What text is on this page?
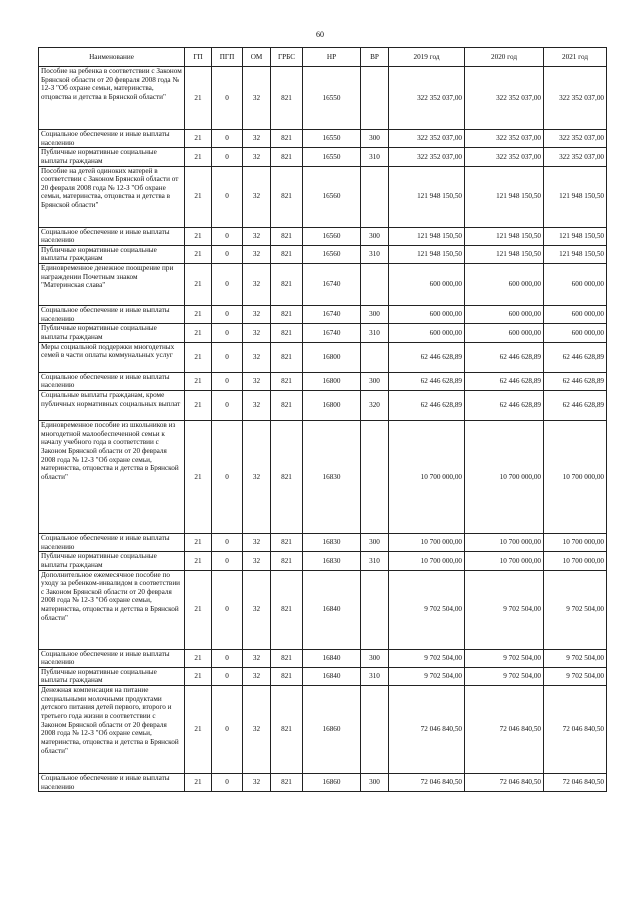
60
Наименование	ГП	ПГП	ОМ	ГРБС	НР	ВР	2019 год	2020 год	2021 год
Пособие на ребенка в соответствии с Законом Брянской области от 20 февраля 2008 года № 12-З "Об охране семьи, материнства, отцовства и детства в Брянской области"	21	0	32	821	16550		322 352 037,00	322 352 037,00	322 352 037,00
Социальное обеспечение и иные выплаты населению	21	0	32	821	16550	300	322 352 037,00	322 352 037,00	322 352 037,00
Публичные нормативные социальные выплаты гражданам	21	0	32	821	16550	310	322 352 037,00	322 352 037,00	322 352 037,00
Пособие на детей одиноких матерей в соответствии с Законом Брянской области от 20 февраля 2008 года № 12-З "Об охране семьи, материнства, отцовства и детства в Брянской области"	21	0	32	821	16560		121 948 150,50	121 948 150,50	121 948 150,50
Социальное обеспечение и иные выплаты населению	21	0	32	821	16560	300	121 948 150,50	121 948 150,50	121 948 150,50
Публичные нормативные социальные выплаты гражданам	21	0	32	821	16560	310	121 948 150,50	121 948 150,50	121 948 150,50
Единовременное денежное поощрение при награждении Почетным знаком "Материнская слава"	21	0	32	821	16740		600 000,00	600 000,00	600 000,00
Социальное обеспечение и иные выплаты населению	21	0	32	821	16740	300	600 000,00	600 000,00	600 000,00
Публичные нормативные социальные выплаты гражданам	21	0	32	821	16740	310	600 000,00	600 000,00	600 000,00
Меры социальной поддержки многодетных семей в части оплаты коммунальных услуг	21	0	32	821	16800		62 446 628,89	62 446 628,89	62 446 628,89
Социальное обеспечение и иные выплаты населению	21	0	32	821	16800	300	62 446 628,89	62 446 628,89	62 446 628,89
Социальные выплаты гражданам, кроме публичных нормативных социальных выплат	21	0	32	821	16800	320	62 446 628,89	62 446 628,89	62 446 628,89
Единовременное пособие из школьников из многодетной малообеспеченной семьи к началу учебного года в соответствии с Законом Брянской области от 20 февраля 2008 года № 12-З "Об охране семьи, материнства, отцовства и детства в Брянской области"	21	0	32	821	16830		10 700 000,00	10 700 000,00	10 700 000,00
Социальное обеспечение и иные выплаты населению	21	0	32	821	16830	300	10 700 000,00	10 700 000,00	10 700 000,00
Публичные нормативные социальные выплаты гражданам	21	0	32	821	16830	310	10 700 000,00	10 700 000,00	10 700 000,00
Дополнительное ежемесячное пособие по уходу за ребенком-инвалидом в соответствии с Законом Брянской области от 20 февраля 2008 года № 12-З "Об охране семьи, материнства, отцовства и детства в Брянской области"	21	0	32	821	16840		9 702 504,00	9 702 504,00	9 702 504,00
Социальное обеспечение и иные выплаты населению	21	0	32	821	16840	300	9 702 504,00	9 702 504,00	9 702 504,00
Публичные нормативные социальные выплаты гражданам	21	0	32	821	16840	310	9 702 504,00	9 702 504,00	9 702 504,00
Денежная компенсация на питание специальными молочными продуктами детского питания детей первого, второго и третьего года жизни в соответствии с Законом Брянской области от 20 февраля 2008 года № 12-З "Об охране семьи, материнства, отцовства и детства в Брянской области"	21	0	32	821	16860		72 046 840,50	72 046 840,50	72 046 840,50
Социальное обеспечение и иные выплаты населению	21	0	32	821	16860	300	72 046 840,50	72 046 840,50	72 046 840,50
